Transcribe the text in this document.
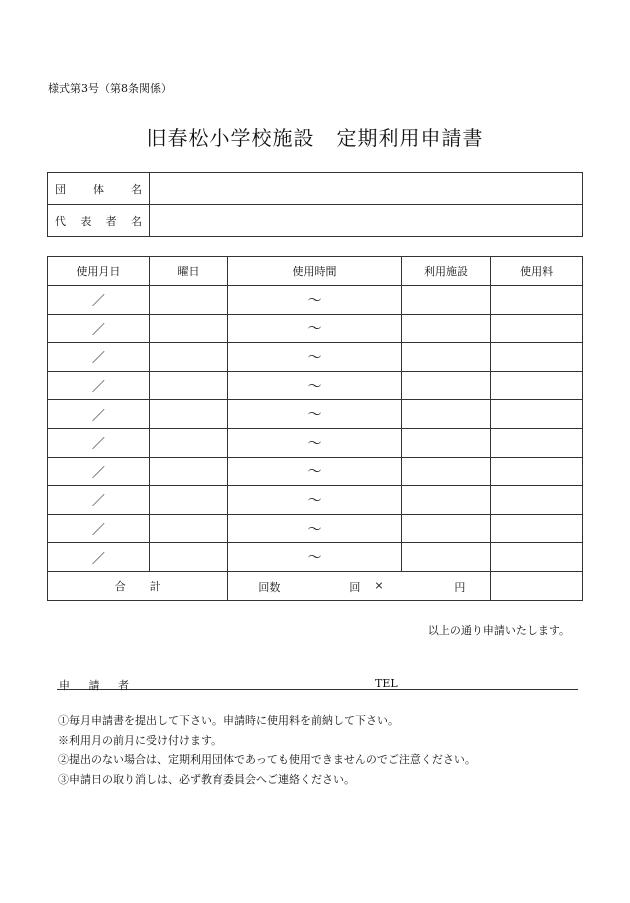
様式第3号（第8条関係）
旧春松小学校施設 定期利用申請書
団 体 名	

代 表 者 名	

使用月日	曜日	使用時間	利用施設	使用料
／		～		
／		～		
／		～		
／		～		
／		～		
／		～		
／		～		
／		～		
／		～		
／		～		

合 計		回数 回 × 円		

以上の通り申請いたします。
申 請 者	TEL
①毎月申請書を提出して下さい。申請時に使用料を前納して下さい。
※利用月の前月に受け付けます。
②提出のない場合は、定期利用団体であっても使用できませんのでご注意ください。
③申請日の取り消しは、必ず教育委員会へご連絡ください。
